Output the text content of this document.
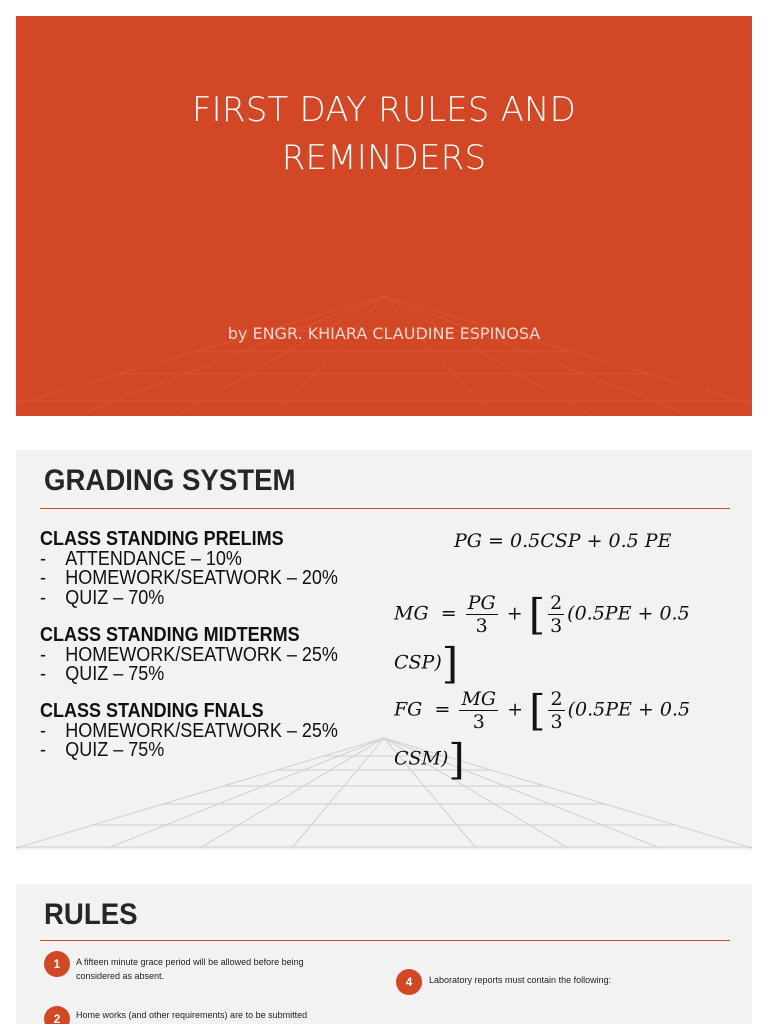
FIRST DAY RULES AND
REMINDERS
by ENGR. KHIARA CLAUDINE ESPINOSA
GRADING SYSTEM
CLASS STANDING PRELIMS
- ATTENDANCE – 10%
- HOMEWORK/SEATWORK – 20%
- QUIZ – 70%
CLASS STANDING MIDTERMS
- HOMEWORK/SEATWORK – 25%
- QUIZ – 75%
CLASS STANDING FNALS
- HOMEWORK/SEATWORK – 25%
- QUIZ – 75%
PG = 0.5CSP + 0.5 PE
MG = $\frac{PG}{3}$ + [ $\frac{2}{3} (0.5PE + 0.5$ CSP)]
FG = $\frac{MG}{3}$ + [ $\frac{2}{3} (0.5PE + 0.5$ CSM)]
RULES
1	A fifteen minute grace period will be allowed before being
considered as absent.
2	Home works (and other requirements) are to be submitted
4	Laboratory reports must contain the following:
